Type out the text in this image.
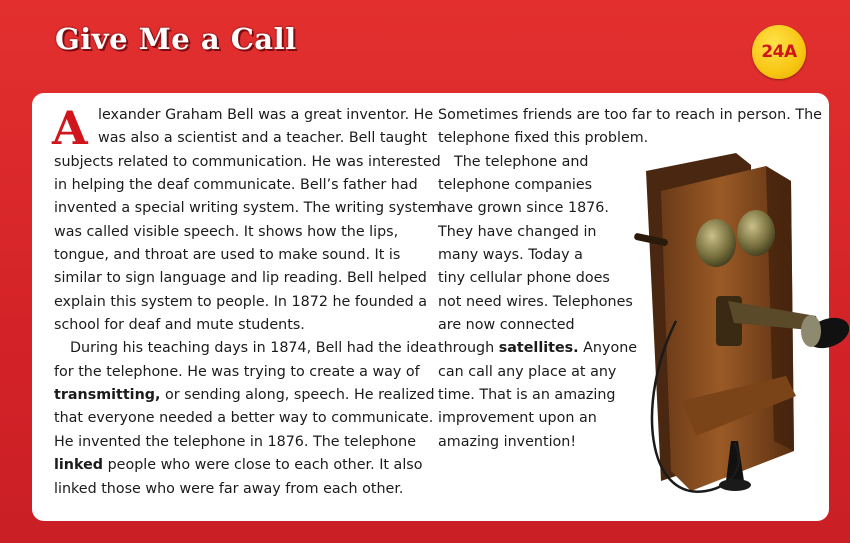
Give Me a Call	24A
A lexander Graham Bell was a great inventor. He
was also a scientist and a teacher. Bell taught
subjects related to communication. He was interested
in helping the deaf communicate. Bell’s father had
invented a special writing system. The writing system
was called visible speech. It shows how the lips,
tongue, and throat are used to make sound. It is
similar to sign language and lip reading. Bell helped
explain this system to people. In 1872 he founded a
school for deaf and mute students.
During his teaching days in 1874, Bell had the idea
for the telephone. He was trying to create a way of
transmitting, or sending along, speech. He realized
that everyone needed a better way to communicate.
He invented the telephone in 1876. The telephone
linked people who were close to each other. It also
linked those who were far away from each other.
Sometimes friends are too far to reach in person. The
telephone fixed this problem.
The telephone and
telephone companies
have grown since 1876.
They have changed in
many ways. Today a
tiny cellular phone does
not need wires. Telephones
are now connected
through satellites. Anyone
can call any place at any
time. That is an amazing
improvement upon an
amazing invention!
